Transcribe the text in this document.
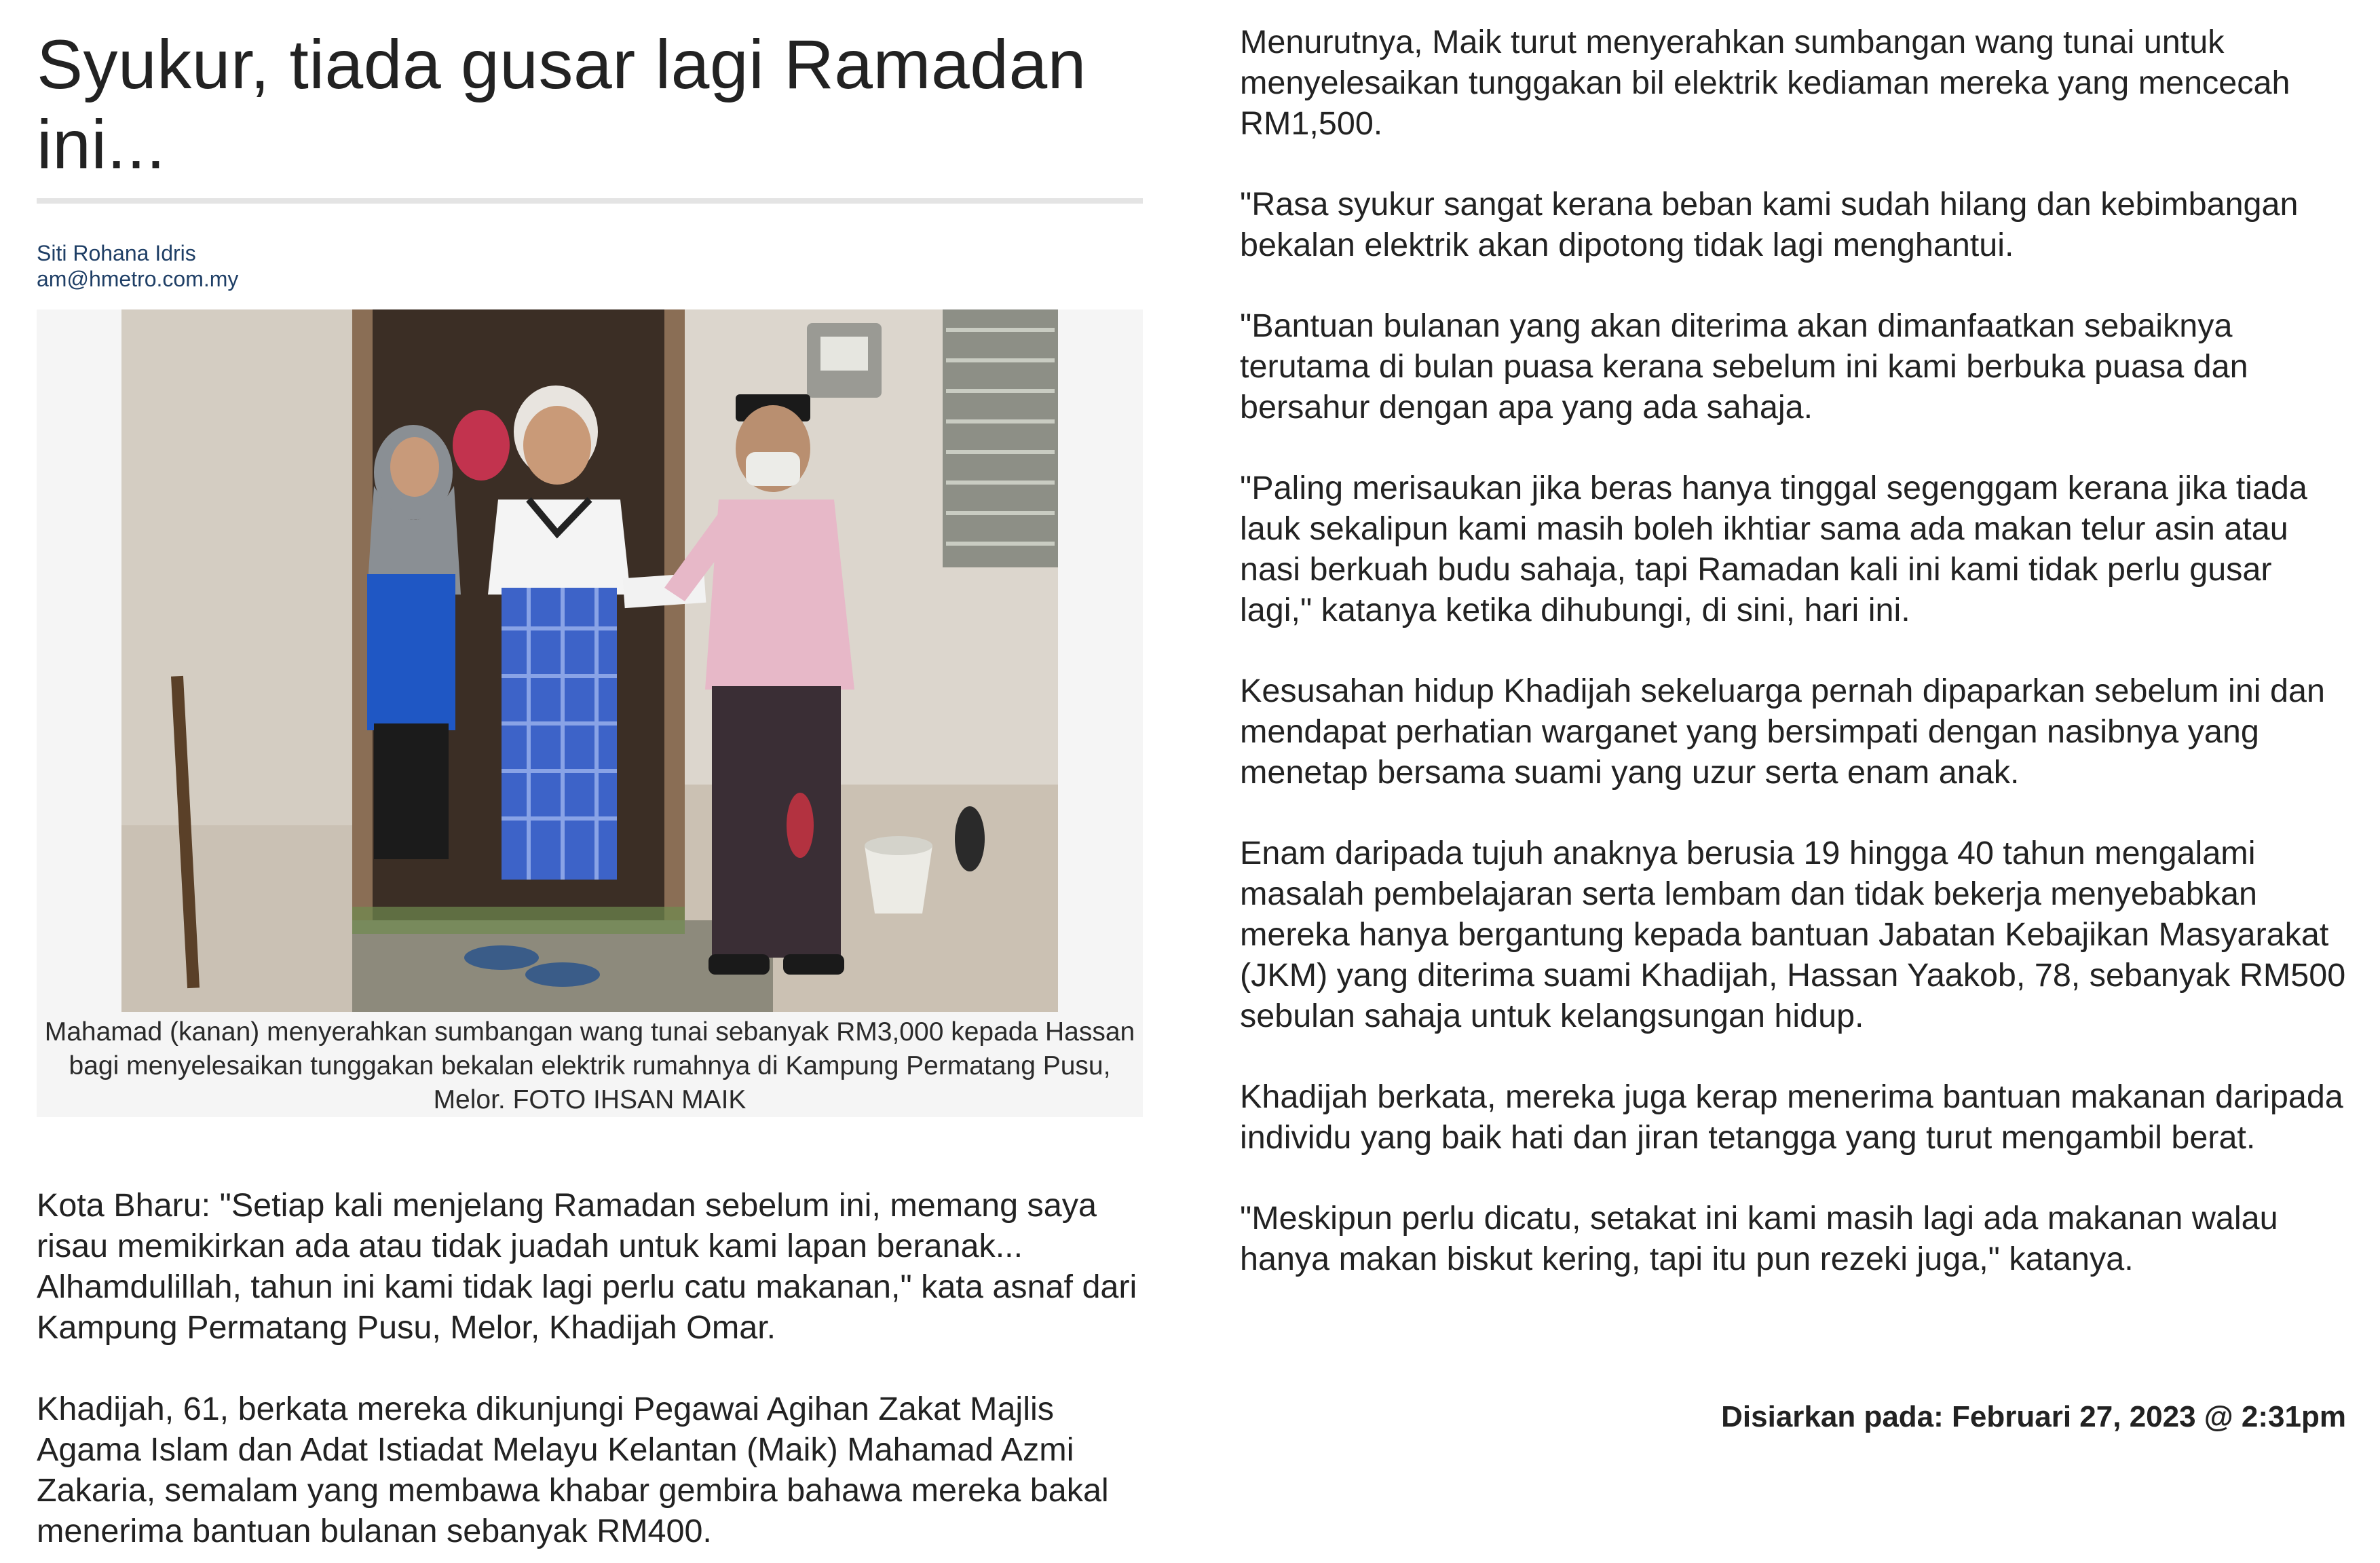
Syukur, tiada gusar lagi Ramadan ini...
Siti Rohana Idris
am@hmetro.com.my
Mahamad (kanan) menyerahkan sumbangan wang tunai sebanyak RM3,000 kepada Hassan bagi menyelesaikan tunggakan bekalan elektrik rumahnya di Kampung Permatang Pusu, Melor. FOTO IHSAN MAIK

Kota Bharu: "Setiap kali menjelang Ramadan sebelum ini, memang saya risau memikirkan ada atau tidak juadah untuk kami lapan beranak... Alhamdulillah, tahun ini kami tidak lagi perlu catu makanan," kata asnaf dari Kampung Permatang Pusu, Melor, Khadijah Omar.

Khadijah, 61, berkata mereka dikunjungi Pegawai Agihan Zakat Majlis Agama Islam dan Adat Istiadat Melayu Kelantan (Maik) Mahamad Azmi Zakaria, semalam yang membawa khabar gembira bahawa mereka bakal menerima bantuan bulanan sebanyak RM400.

Menurutnya, Maik turut menyerahkan sumbangan wang tunai untuk menyelesaikan tunggakan bil elektrik kediaman mereka yang mencecah RM1,500.

"Rasa syukur sangat kerana beban kami sudah hilang dan kebimbangan bekalan elektrik akan dipotong tidak lagi menghantui.

"Bantuan bulanan yang akan diterima akan dimanfaatkan sebaiknya terutama di bulan puasa kerana sebelum ini kami berbuka puasa dan bersahur dengan apa yang ada sahaja.

"Paling merisaukan jika beras hanya tinggal segenggam kerana jika tiada lauk sekalipun kami masih boleh ikhtiar sama ada makan telur asin atau nasi berkuah budu sahaja, tapi Ramadan kali ini kami tidak perlu gusar lagi," katanya ketika dihubungi, di sini, hari ini.

Kesusahan hidup Khadijah sekeluarga pernah dipaparkan sebelum ini dan mendapat perhatian warganet yang bersimpati dengan nasibnya yang menetap bersama suami yang uzur serta enam anak.

Enam daripada tujuh anaknya berusia 19 hingga 40 tahun mengalami masalah pembelajaran serta lembam dan tidak bekerja menyebabkan mereka hanya bergantung kepada bantuan Jabatan Kebajikan Masyarakat (JKM) yang diterima suami Khadijah, Hassan Yaakob, 78, sebanyak RM500 sebulan sahaja untuk kelangsungan hidup.

Khadijah berkata, mereka juga kerap menerima bantuan makanan daripada individu yang baik hati dan jiran tetangga yang turut mengambil berat.

"Meskipun perlu dicatu, setakat ini kami masih lagi ada makanan walau hanya makan biskut kering, tapi itu pun rezeki juga," katanya.

Disiarkan pada: Februari 27, 2023 @ 2:31pm
